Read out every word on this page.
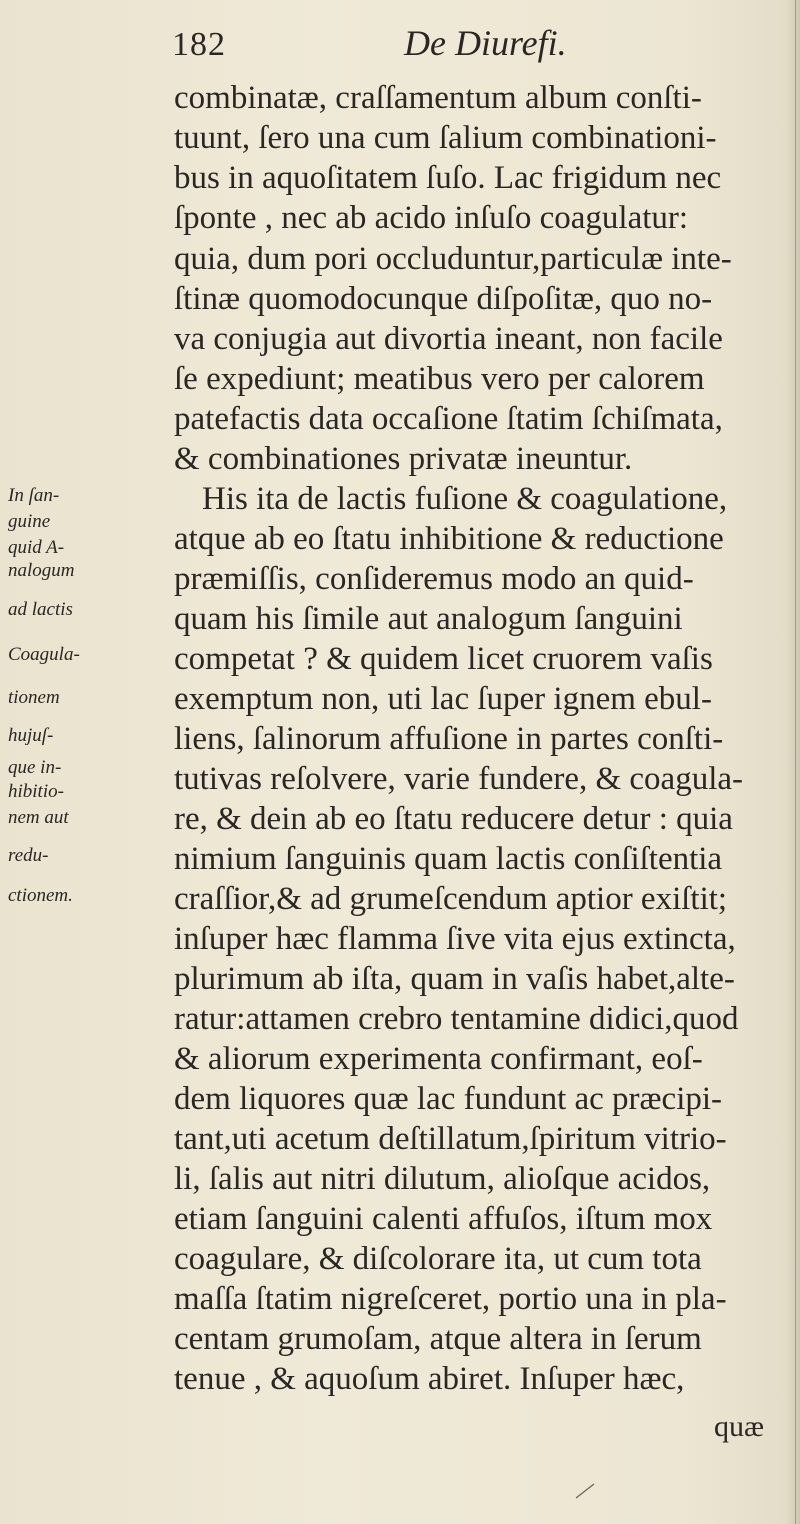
182	De Diurefi.
combinatæ, craſſamentum album conſti-
tuunt, ſero una cum ſalium combinationi-
bus in aquoſitatem ſuſo. Lac frigidum nec
ſponte , nec ab acido inſuſo coagulatur:
quia, dum pori occluduntur,particulæ inte-
ſtinæ quomodocunque diſpoſitæ, quo no-
va conjugia aut divortia ineant, non facile
ſe expediunt; meatibus vero per calorem
patefactis data occaſione ſtatim ſchiſmata,
& combinationes privatæ ineuntur.
His ita de lactis fuſione & coagulatione,
atque ab eo ſtatu inhibitione & reductione
præmiſſis, conſideremus modo an quid-
quam his ſimile aut analogum ſanguini
competat ? & quidem licet cruorem vaſis
exemptum non, uti lac ſuper ignem ebul-
liens, ſalinorum affuſione in partes conſti-
tutivas reſolvere, varie fundere, & coagula-
re, & dein ab eo ſtatu reducere detur : quia
nimium ſanguinis quam lactis conſiſtentia
craſſior,& ad grumeſcendum aptior exiſtit;
inſuper hæc flamma ſive vita ejus extincta,
plurimum ab iſta, quam in vaſis habet,alte-
ratur:attamen crebro tentamine didici,quod
& aliorum experimenta confirmant, eoſ-
dem liquores quæ lac fundunt ac præcipi-
tant,uti acetum deſtillatum,ſpiritum vitrio-
li, ſalis aut nitri dilutum, alioſque acidos,
etiam ſanguini calenti affuſos, iſtum mox
coagulare, & diſcolorare ita, ut cum tota
maſſa ſtatim nigreſceret, portio una in pla-
centam grumoſam, atque altera in ſerum
tenue , & aquoſum abiret. Inſuper hæc,
In ſan-
guine
quid A-
nalogum
ad lactis
Coagula-
tionem
hujuſ-
que in-
hibitio-
nem aut
redu-
ctionem.
quæ
